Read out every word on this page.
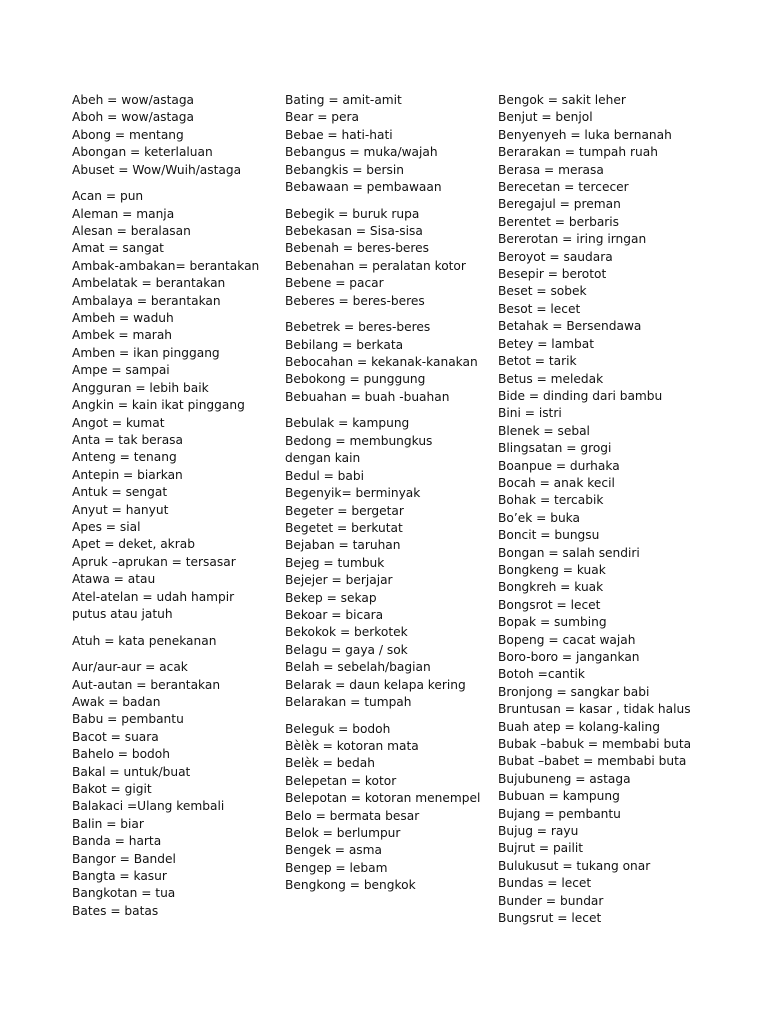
Abeh = wow/astaga
Aboh = wow/astaga
Abong = mentang
Abongan = keterlaluan
Abuset = Wow/Wuih/astaga
Acan = pun
Aleman = manja
Alesan = beralasan
Amat = sangat
Ambak-ambakan= berantakan
Ambelatak = berantakan
Ambalaya = berantakan
Ambeh = waduh
Ambek = marah
Amben = ikan pinggang
Ampe = sampai
Angguran = lebih baik
Angkin = kain ikat pinggang
Angot = kumat
Anta = tak berasa
Anteng = tenang
Antepin = biarkan
Antuk = sengat
Anyut = hanyut
Apes = sial
Apet = deket, akrab
Apruk –aprukan = tersasar
Atawa = atau
Atel-atelan = udah hampir putus atau jatuh
Atuh = kata penekanan
Aur/aur-aur = acak
Aut-autan = berantakan
Awak = badan
Babu = pembantu
Bacot = suara
Bahelo = bodoh
Bakal = untuk/buat
Bakot = gigit
Balakaci =Ulang kembali
Balin = biar
Banda = harta
Bangor = Bandel
Bangta = kasur
Bangkotan = tua
Bates = batas
Bating = amit-amit
Bear = pera
Bebae = hati-hati
Bebangus = muka/wajah
Bebangkis = bersin
Bebawaan = pembawaan
Bebegik = buruk rupa
Bebekasan = Sisa-sisa
Bebenah = beres-beres
Bebenahan = peralatan kotor
Bebene = pacar
Beberes = beres-beres
Bebetrek = beres-beres
Bebilang = berkata
Bebocahan = kekanak-kanakan
Bebokong = punggung
Bebuahan = buah -buahan
Bebulak = kampung
Bedong = membungkus dengan kain
Bedul = babi
Begenyik= berminyak
Begeter = bergetar
Begetet = berkutat
Bejaban = taruhan
Bejeg = tumbuk
Bejejer = berjajar
Bekep = sekap
Bekoar = bicara
Bekokok = berkotek
Belagu = gaya / sok
Belah = sebelah/bagian
Belarak = daun kelapa kering
Belarakan = tumpah
Beleguk = bodoh
Bèlèk = kotoran mata
Belèk = bedah
Belepetan = kotor
Belepotan = kotoran menempel
Belo = bermata besar
Belok = berlumpur
Bengek = asma
Bengep = lebam
Bengkong = bengkok
Bengok = sakit leher
Benjut = benjol
Benyenyeh = luka bernanah
Berarakan = tumpah ruah
Berasa = merasa
Berecetan = tercecer
Beregajul = preman
Berentet = berbaris
Bererotan = iring irngan
Beroyot = saudara
Besepir = berotot
Beset = sobek
Besot = lecet
Betahak = Bersendawa
Betey = lambat
Betot = tarik
Betus = meledak
Bide = dinding dari bambu
Bini = istri
Blenek = sebal
Blingsatan = grogi
Boanpue = durhaka
Bocah = anak kecil
Bohak = tercabik
Bo’ek = buka
Boncit = bungsu
Bongan = salah sendiri
Bongkeng = kuak
Bongkreh = kuak
Bongsrot = lecet
Bopak = sumbing
Bopeng = cacat wajah
Boro-boro = jangankan
Botoh =cantik
Bronjong = sangkar babi
Bruntusan = kasar , tidak halus
Buah atep = kolang-kaling
Bubak –babuk = membabi buta
Bubat –babet = membabi buta
Bujubuneng = astaga
Bubuan = kampung
Bujang = pembantu
Bujug = rayu
Bujrut = pailit
Bulukusut = tukang onar
Bundas = lecet
Bunder = bundar
Bungsrut = lecet
